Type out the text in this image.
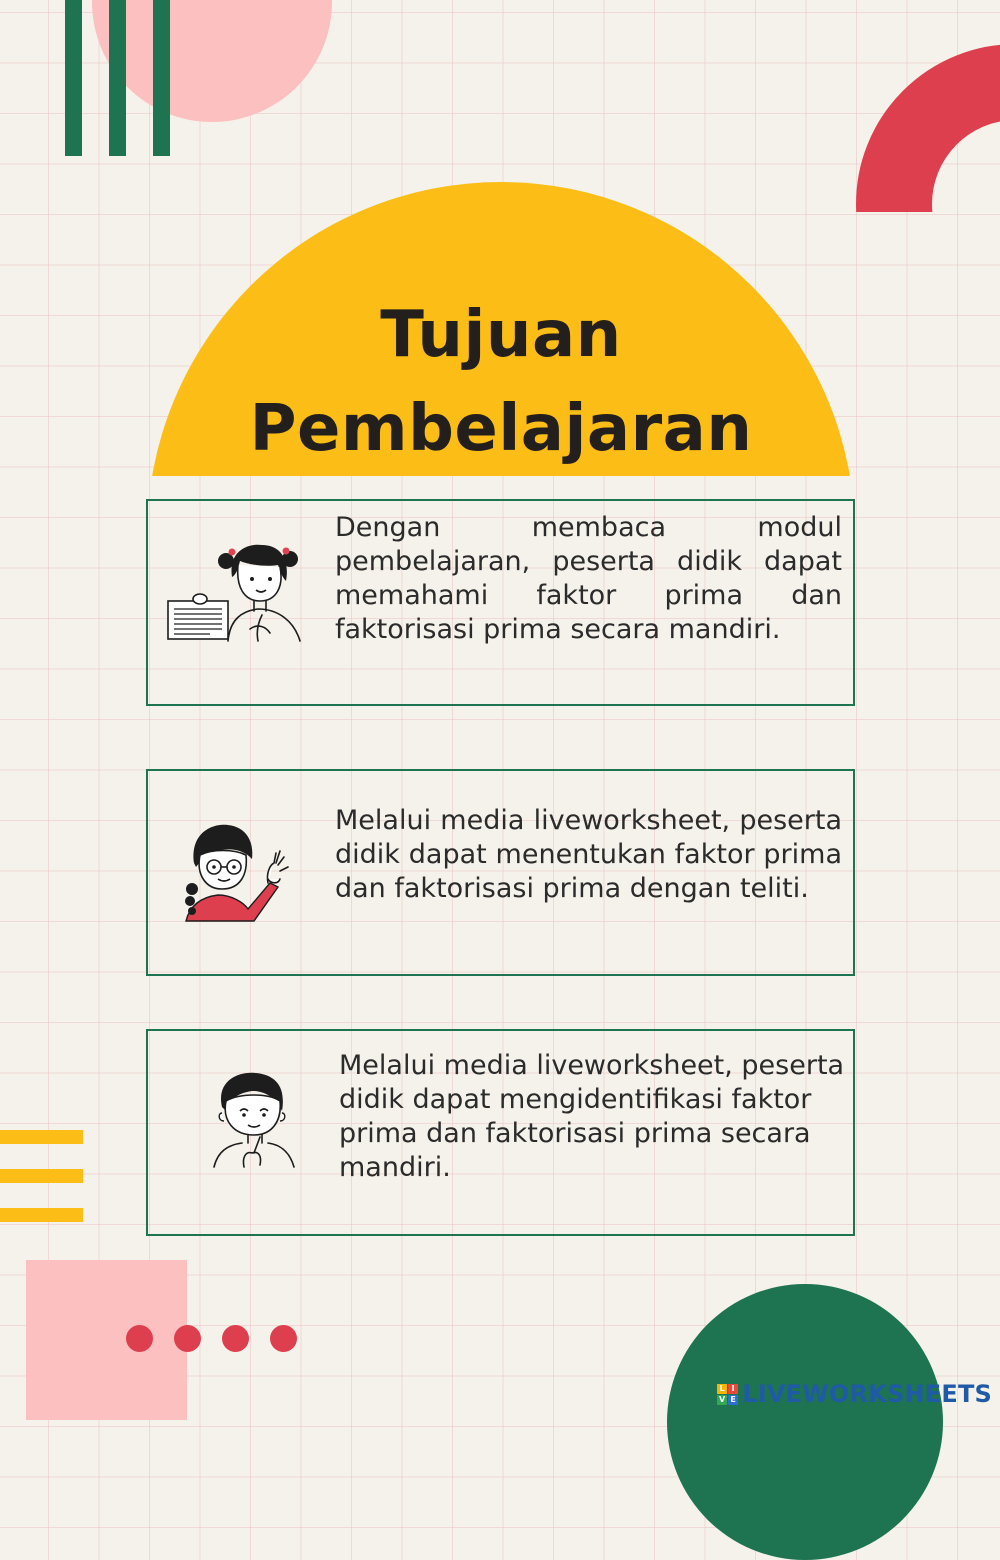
Tujuan
Pembelajaran

Dengan membaca modul pembelajaran, peserta didik dapat memahami faktor prima dan faktorisasi prima secara mandiri.

Melalui media liveworksheet, peserta didik dapat menentukan faktor prima dan faktorisasi prima dengan teliti.

Melalui media liveworksheet, peserta didik dapat mengidentifikasi faktor prima dan faktorisasi prima secara mandiri.

L I
V E LIVEWORKSHEETS
